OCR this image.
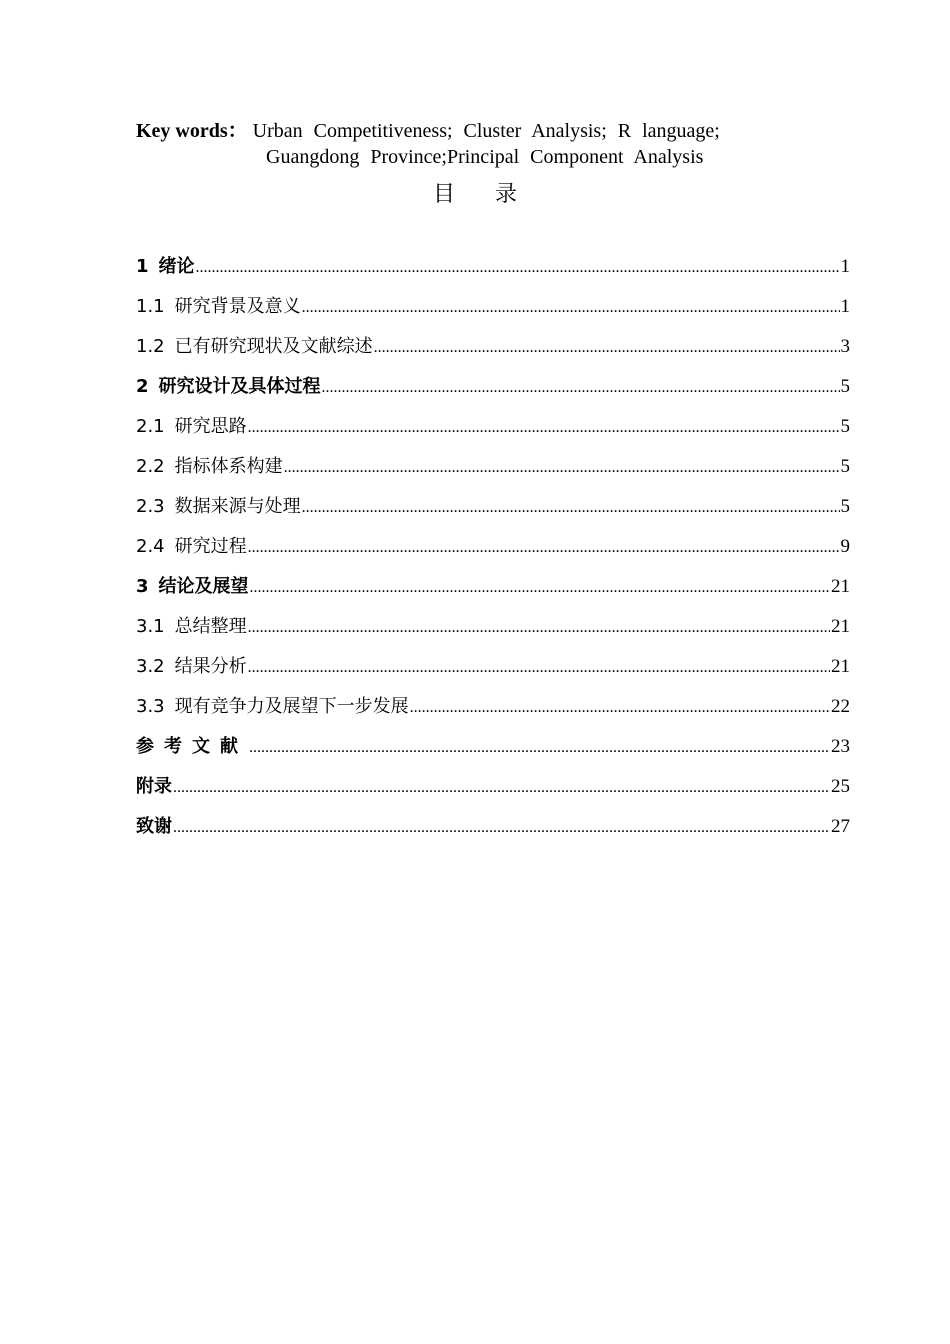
Key words： Urban Competitiveness; Cluster Analysis; R language;
Guangdong Province;Principal Component Analysis
目录
1 绪论 .....	1
1.1 研究背景及意义 .....	1
1.2 已有研究现状及文献综述 .....	3
2 研究设计及具体过程 .....	5
2.1 研究思路 .....	5
2.2 指标体系构建 .....	5
2.3 数据来源与处理 .....	5
2.4 研究过程 .....	9
3 结论及展望 .....	21
3.1 总结整理 .....	21
3.2 结果分析 .....	21
3.3 现有竞争力及展望下一步发展 .....	22
参考文献 .....	23
附录 .....	25
致谢 .....	27
